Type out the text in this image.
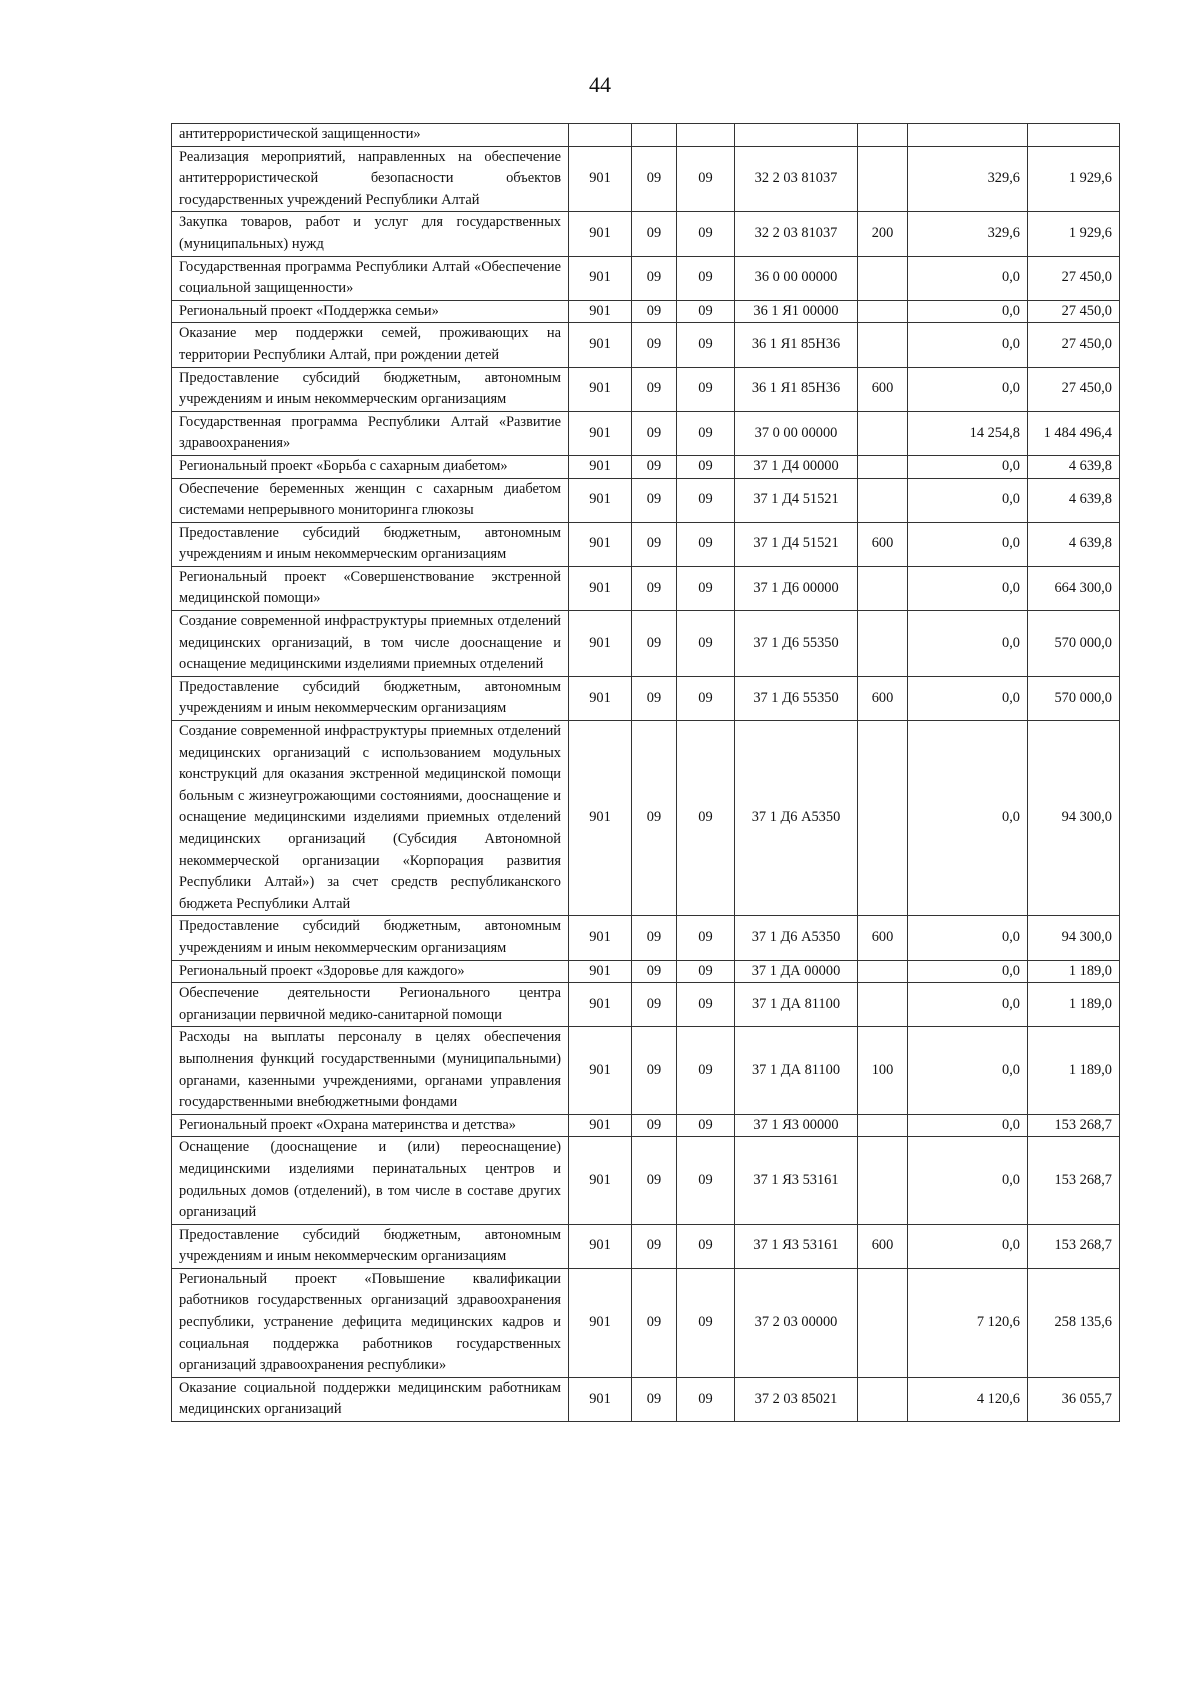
44
антитеррористической защищенности»							
Реализация мероприятий, направленных на обеспечение антитеррористической безопасности объектов государственных учреждений Республики Алтай	901	09	09	32 2 03 81037		329,6	1 929,6
Закупка товаров, работ и услуг для государственных (муниципальных) нужд	901	09	09	32 2 03 81037	200	329,6	1 929,6
Государственная программа Республики Алтай «Обеспечение социальной защищенности»	901	09	09	36 0 00 00000		0,0	27 450,0
Региональный проект «Поддержка семьи»	901	09	09	36 1 Я1 00000		0,0	27 450,0
Оказание мер поддержки семей, проживающих на территории Республики Алтай, при рождении детей	901	09	09	36 1 Я1 85Н36		0,0	27 450,0
Предоставление субсидий бюджетным, автономным учреждениям и иным некоммерческим организациям	901	09	09	36 1 Я1 85Н36	600	0,0	27 450,0
Государственная программа Республики Алтай «Развитие здравоохранения»	901	09	09	37 0 00 00000		14 254,8	1 484 496,4
Региональный проект «Борьба с сахарным диабетом»	901	09	09	37 1 Д4 00000		0,0	4 639,8
Обеспечение беременных женщин с сахарным диабетом системами непрерывного мониторинга глюкозы	901	09	09	37 1 Д4 51521		0,0	4 639,8
Предоставление субсидий бюджетным, автономным учреждениям и иным некоммерческим организациям	901	09	09	37 1 Д4 51521	600	0,0	4 639,8
Региональный проект «Совершенствование экстренной медицинской помощи»	901	09	09	37 1 Д6 00000		0,0	664 300,0
Создание современной инфраструктуры приемных отделений медицинских организаций, в том числе дооснащение и оснащение медицинскими изделиями приемных отделений	901	09	09	37 1 Д6 55350		0,0	570 000,0
Предоставление субсидий бюджетным, автономным учреждениям и иным некоммерческим организациям	901	09	09	37 1 Д6 55350	600	0,0	570 000,0
Создание современной инфраструктуры приемных отделений медицинских организаций с использованием модульных конструкций для оказания экстренной медицинской помощи больным с жизнеугрожающими состояниями, дооснащение и оснащение медицинскими изделиями приемных отделений медицинских организаций (Субсидия Автономной некоммерческой организации «Корпорация развития Республики Алтай») за счет средств республиканского бюджета Республики Алтай	901	09	09	37 1 Д6 А5350		0,0	94 300,0
Предоставление субсидий бюджетным, автономным учреждениям и иным некоммерческим организациям	901	09	09	37 1 Д6 А5350	600	0,0	94 300,0
Региональный проект «Здоровье для каждого»	901	09	09	37 1 ДА 00000		0,0	1 189,0
Обеспечение деятельности Регионального центра организации первичной медико-санитарной помощи	901	09	09	37 1 ДА 81100		0,0	1 189,0
Расходы на выплаты персоналу в целях обеспечения выполнения функций государственными (муниципальными) органами, казенными учреждениями, органами управления государственными внебюджетными фондами	901	09	09	37 1 ДА 81100	100	0,0	1 189,0
Региональный проект «Охрана материнства и детства»	901	09	09	37 1 Я3 00000		0,0	153 268,7
Оснащение (дооснащение и (или) переоснащение) медицинскими изделиями перинатальных центров и родильных домов (отделений), в том числе в составе других организаций	901	09	09	37 1 Я3 53161		0,0	153 268,7
Предоставление субсидий бюджетным, автономным учреждениям и иным некоммерческим организациям	901	09	09	37 1 Я3 53161	600	0,0	153 268,7
Региональный проект «Повышение квалификации работников государственных организаций здравоохранения республики, устранение дефицита медицинских кадров и социальная поддержка работников государственных организаций здравоохранения республики»	901	09	09	37 2 03 00000		7 120,6	258 135,6
Оказание социальной поддержки медицинским работникам медицинских организаций	901	09	09	37 2 03 85021		4 120,6	36 055,7
